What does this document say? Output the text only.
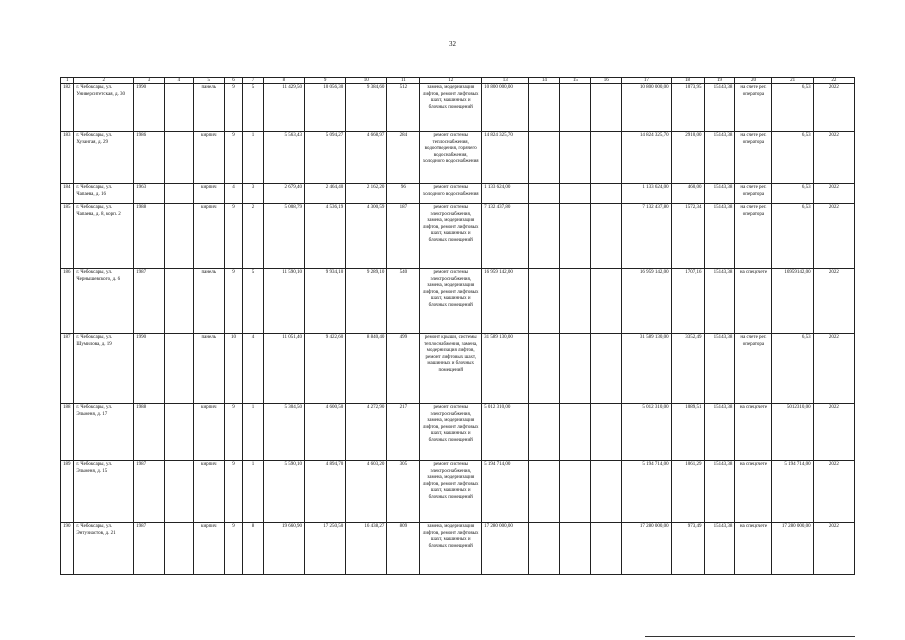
32
1	2	3	4	5	6	7	8	9	10	11	12	13	14	15	16	17	18	19	20	21	22
182	г. Чебоксары, ул. Университетская, д. 30	1990		панель	9	5	11 429,50	10 056,30	9 384,60	512	замена, модернизация лифтов, ремонт лифтовых шахт, машинных и блочных помещений	10 800 000,00				10 800 000,00	1073,95	15143,38	на счете рег. оператора	6,53	2022
183	г. Чебоксары, ул. Хузангая, д. 29	1986		кирпич	9	1	5 563,43	5 094,27	4 668,97	284	ремонт системы теплоснабжения, водоотведения, горячего водоснабжения, холодного водоснабжения	14 824 325,70				14 824 325,70	2910,00	15143,38	на счете рег. оператора	6,53	2022
184	г. Чебоксары, ул. Чапаева, д. 16	1963		кирпич	4	3	2 679,40	2 464,40	2 162,20	96	ремонт системы холодного водоснабжения	1 133 624,00				1 133 624,00	460,00	15143,38	на счете рег. оператора	6,53	2022
185	г. Чебоксары, ул. Чапаева, д. 8, корп. 2	1988		кирпич	9	2	5 008,79	4 536,19	4 300,59	187	ремонт системы электроснабжения, замена, модернизация лифтов, ремонт лифтовых шахт, машинных и блочных помещений	7 132 437,80				7 132 437,80	1572,34	15143,38	на счете рег. оператора	6,53	2022
186	г. Чебоксары, ул. Чернышевского, д. 6	1987		панель	9	5	11 590,10	9 934,10	9 289,10	540	ремонт системы электроснабжения, замена, модернизация лифтов, ремонт лифтовых шахт, машинных и блочных помещений	16 959 142,00				16 959 142,00	1707,16	15143,38	на спецсчете	16959142,00	2022
187	г. Чебоксары, ул. Шумилова, д. 19	1990		панель	10	4	11 051,40	9 422,60	8 840,40	499	ремонт крыши, системы теплоснабжения, замена, модернизация лифтов, ремонт лифтовых шахт, машинных и блочных помещений	31 589 130,00				31 589 130,00	3352,49	15143,38	на счете рег. оператора	6,53	2022
188	г. Чебоксары, ул. Эльменя, д. 17	1988		кирпич	9	1	5 304,50	4 600,50	4 272,90	217	ремонт системы электроснабжения, замена, модернизация лифтов, ремонт лифтовых шахт, машинных и блочных помещений	5 012 310,00				5 012 310,00	1089,51	15143,38	на спецсчете	5012310,00	2022
189	г. Чебоксары, ул. Эльменя, д. 15	1987		кирпич	9	1	5 590,10	4 894,70	4 603,20	305	ремонт системы электроснабжения, замена, модернизация лифтов, ремонт лифтовых шахт, машинных и блочных помещений	5 194 714,00				5 194 714,00	1061,29	15143,38	на спецсчете	5 194 714,00	2022
190	г. Чебоксары, ул. Энтузиастов, д. 21	1987		кирпич	9	8	19 660,90	17 250,50	16 438,27	809	замена, модернизация лифтов, ремонт лифтовых шахт, машинных и блочных помещений	17 280 000,00				17 280 000,00	973,49	15143,38	на спецсчете	17 280 000,00	2022
